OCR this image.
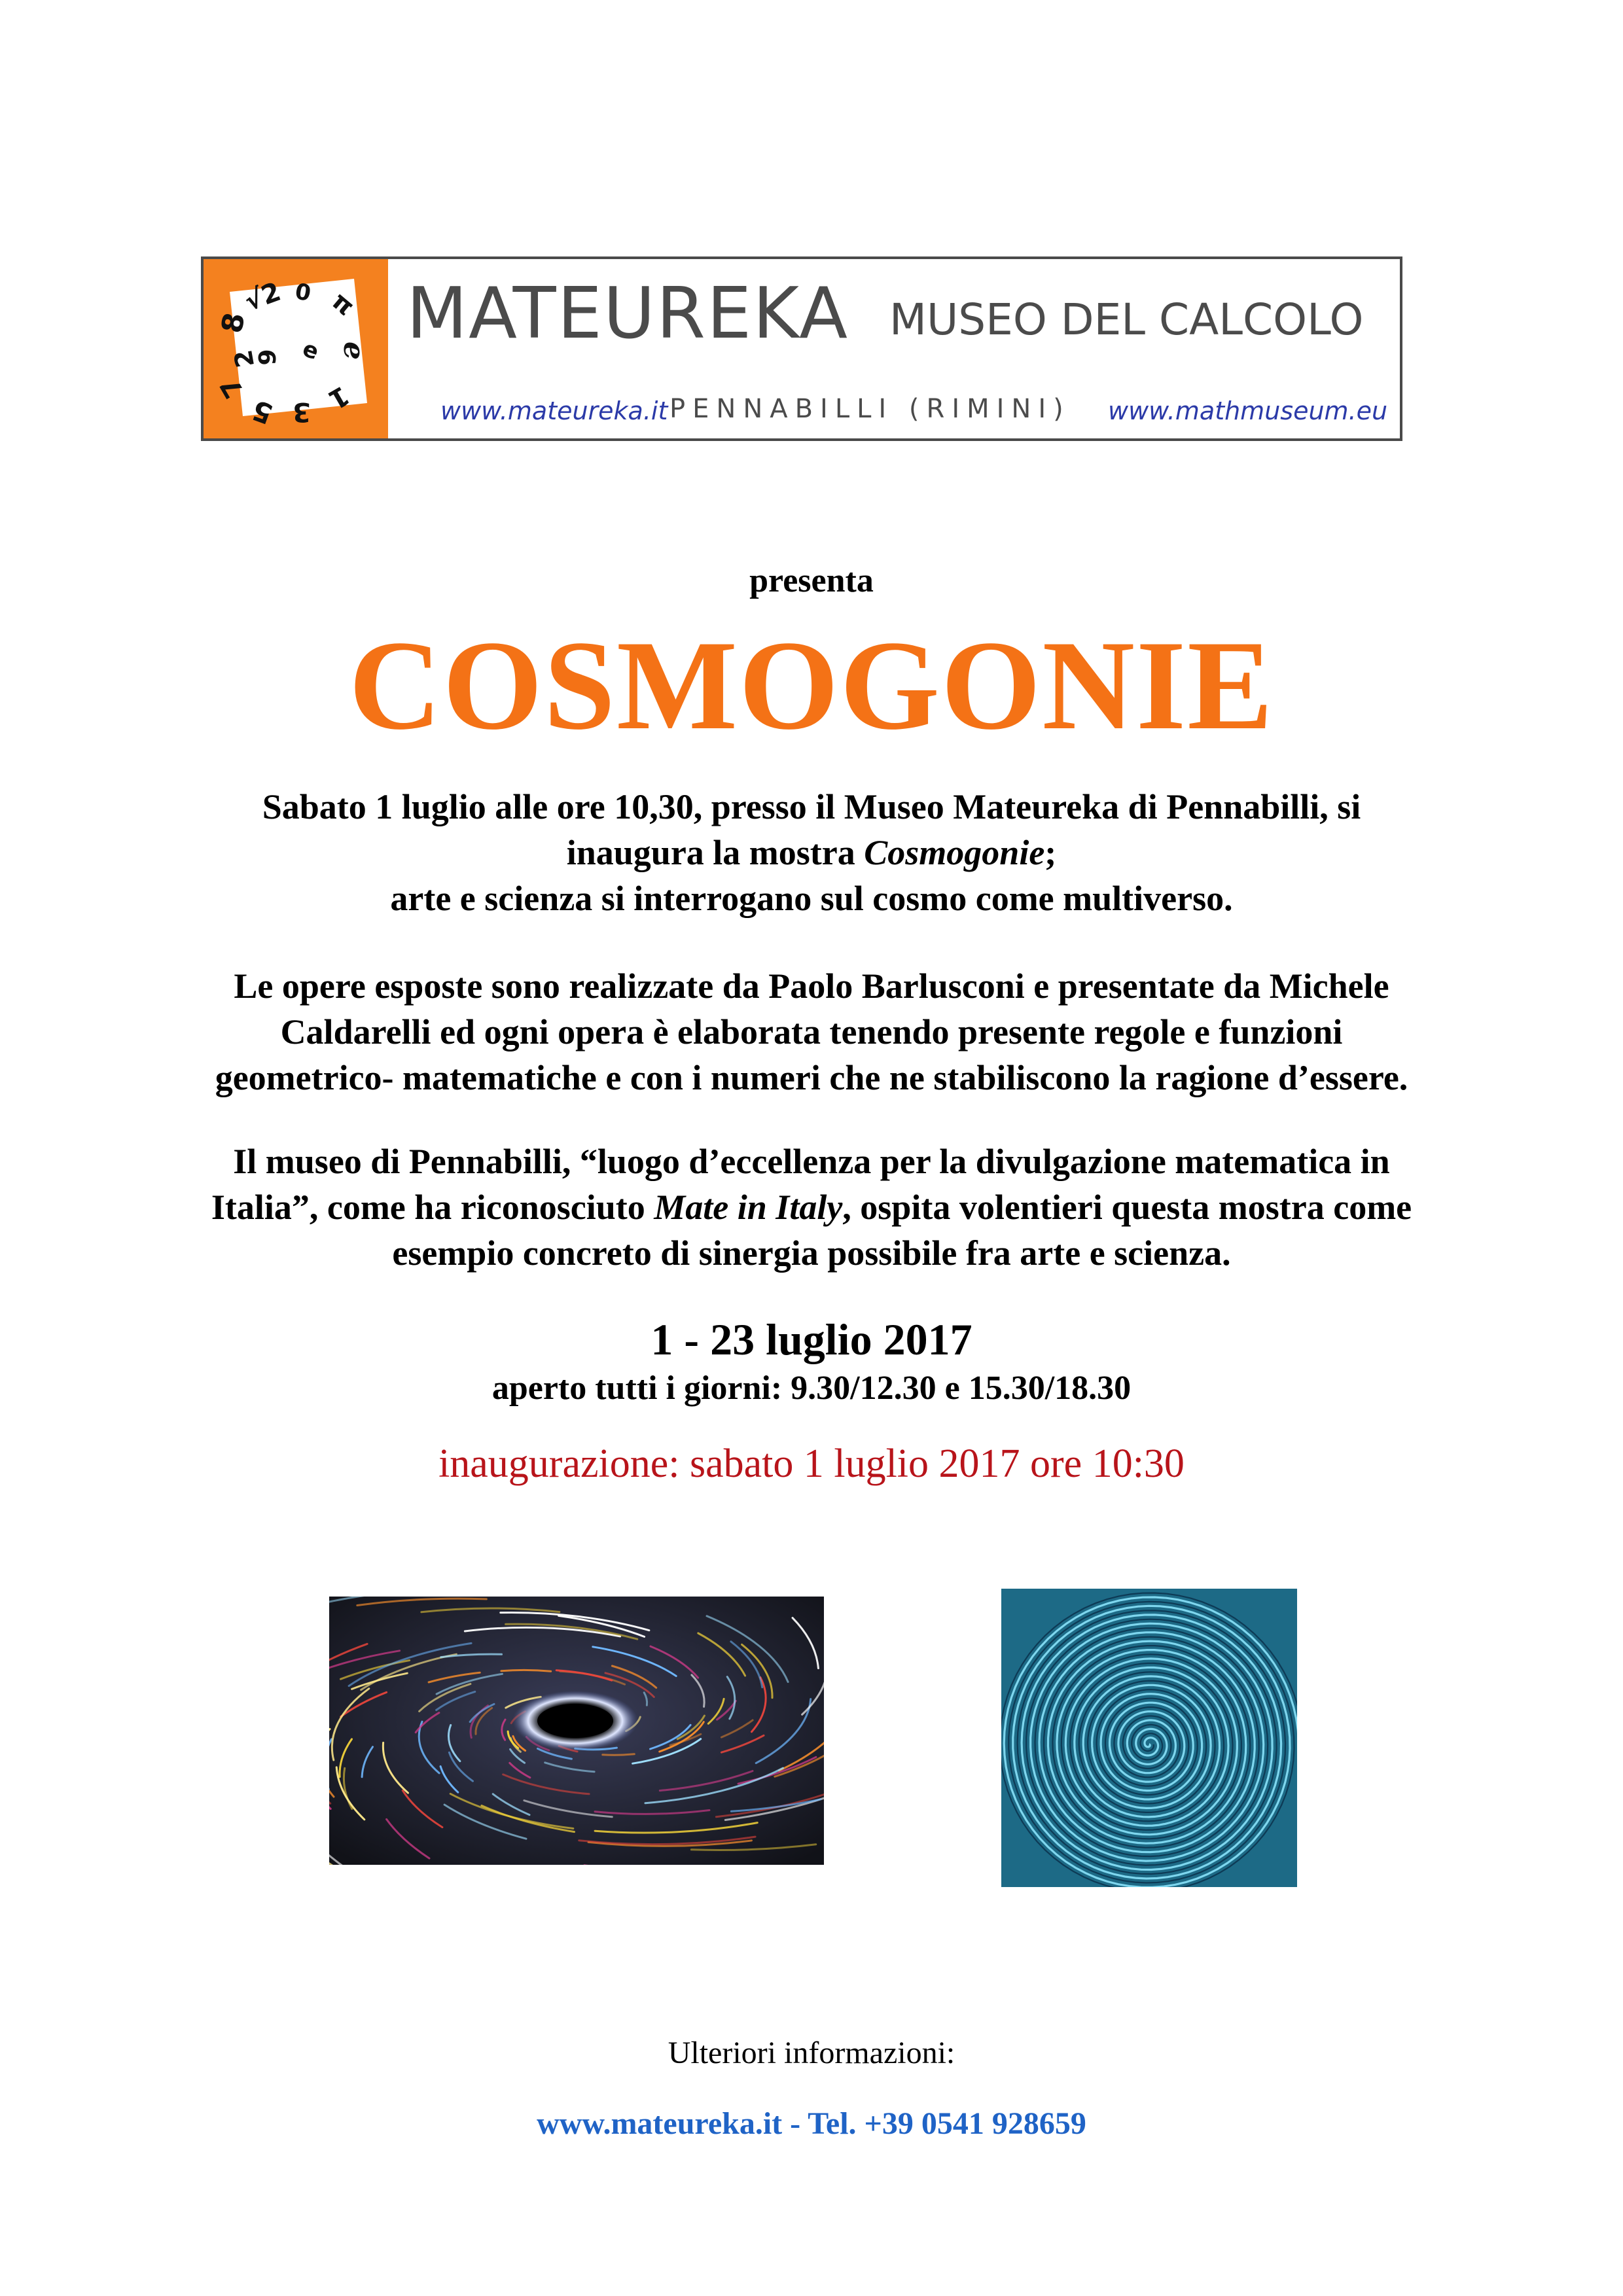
8
√2 0 π
ℯ
1
3
5
7
9 e
2
MATEUREKA MUSEO DEL CALCOLO
www.mateureka.it PENNABILLI (RIMINI) www.mathmuseum.eu
presenta
COSMOGONIE
Sabato 1 luglio alle ore 10,30, presso il Museo Mateureka di Pennabilli, si
inaugura la mostra Cosmogonie;
arte e scienza si interrogano sul cosmo come multiverso.
Le opere esposte sono realizzate da Paolo Barlusconi e presentate da Michele
Caldarelli ed ogni opera è elaborata tenendo presente regole e funzioni
geometrico- matematiche e con i numeri che ne stabiliscono la ragione d’essere.
Il museo di Pennabilli, “luogo d’eccellenza per la divulgazione matematica in
Italia”, come ha riconosciuto Mate in Italy, ospita volentieri questa mostra come
esempio concreto di sinergia possibile fra arte e scienza.
1 - 23 luglio 2017
aperto tutti i giorni: 9.30/12.30 e 15.30/18.30
inaugurazione: sabato 1 luglio 2017 ore 10:30
Ulteriori informazioni:
www.mateureka.it - Tel. +39 0541 928659
